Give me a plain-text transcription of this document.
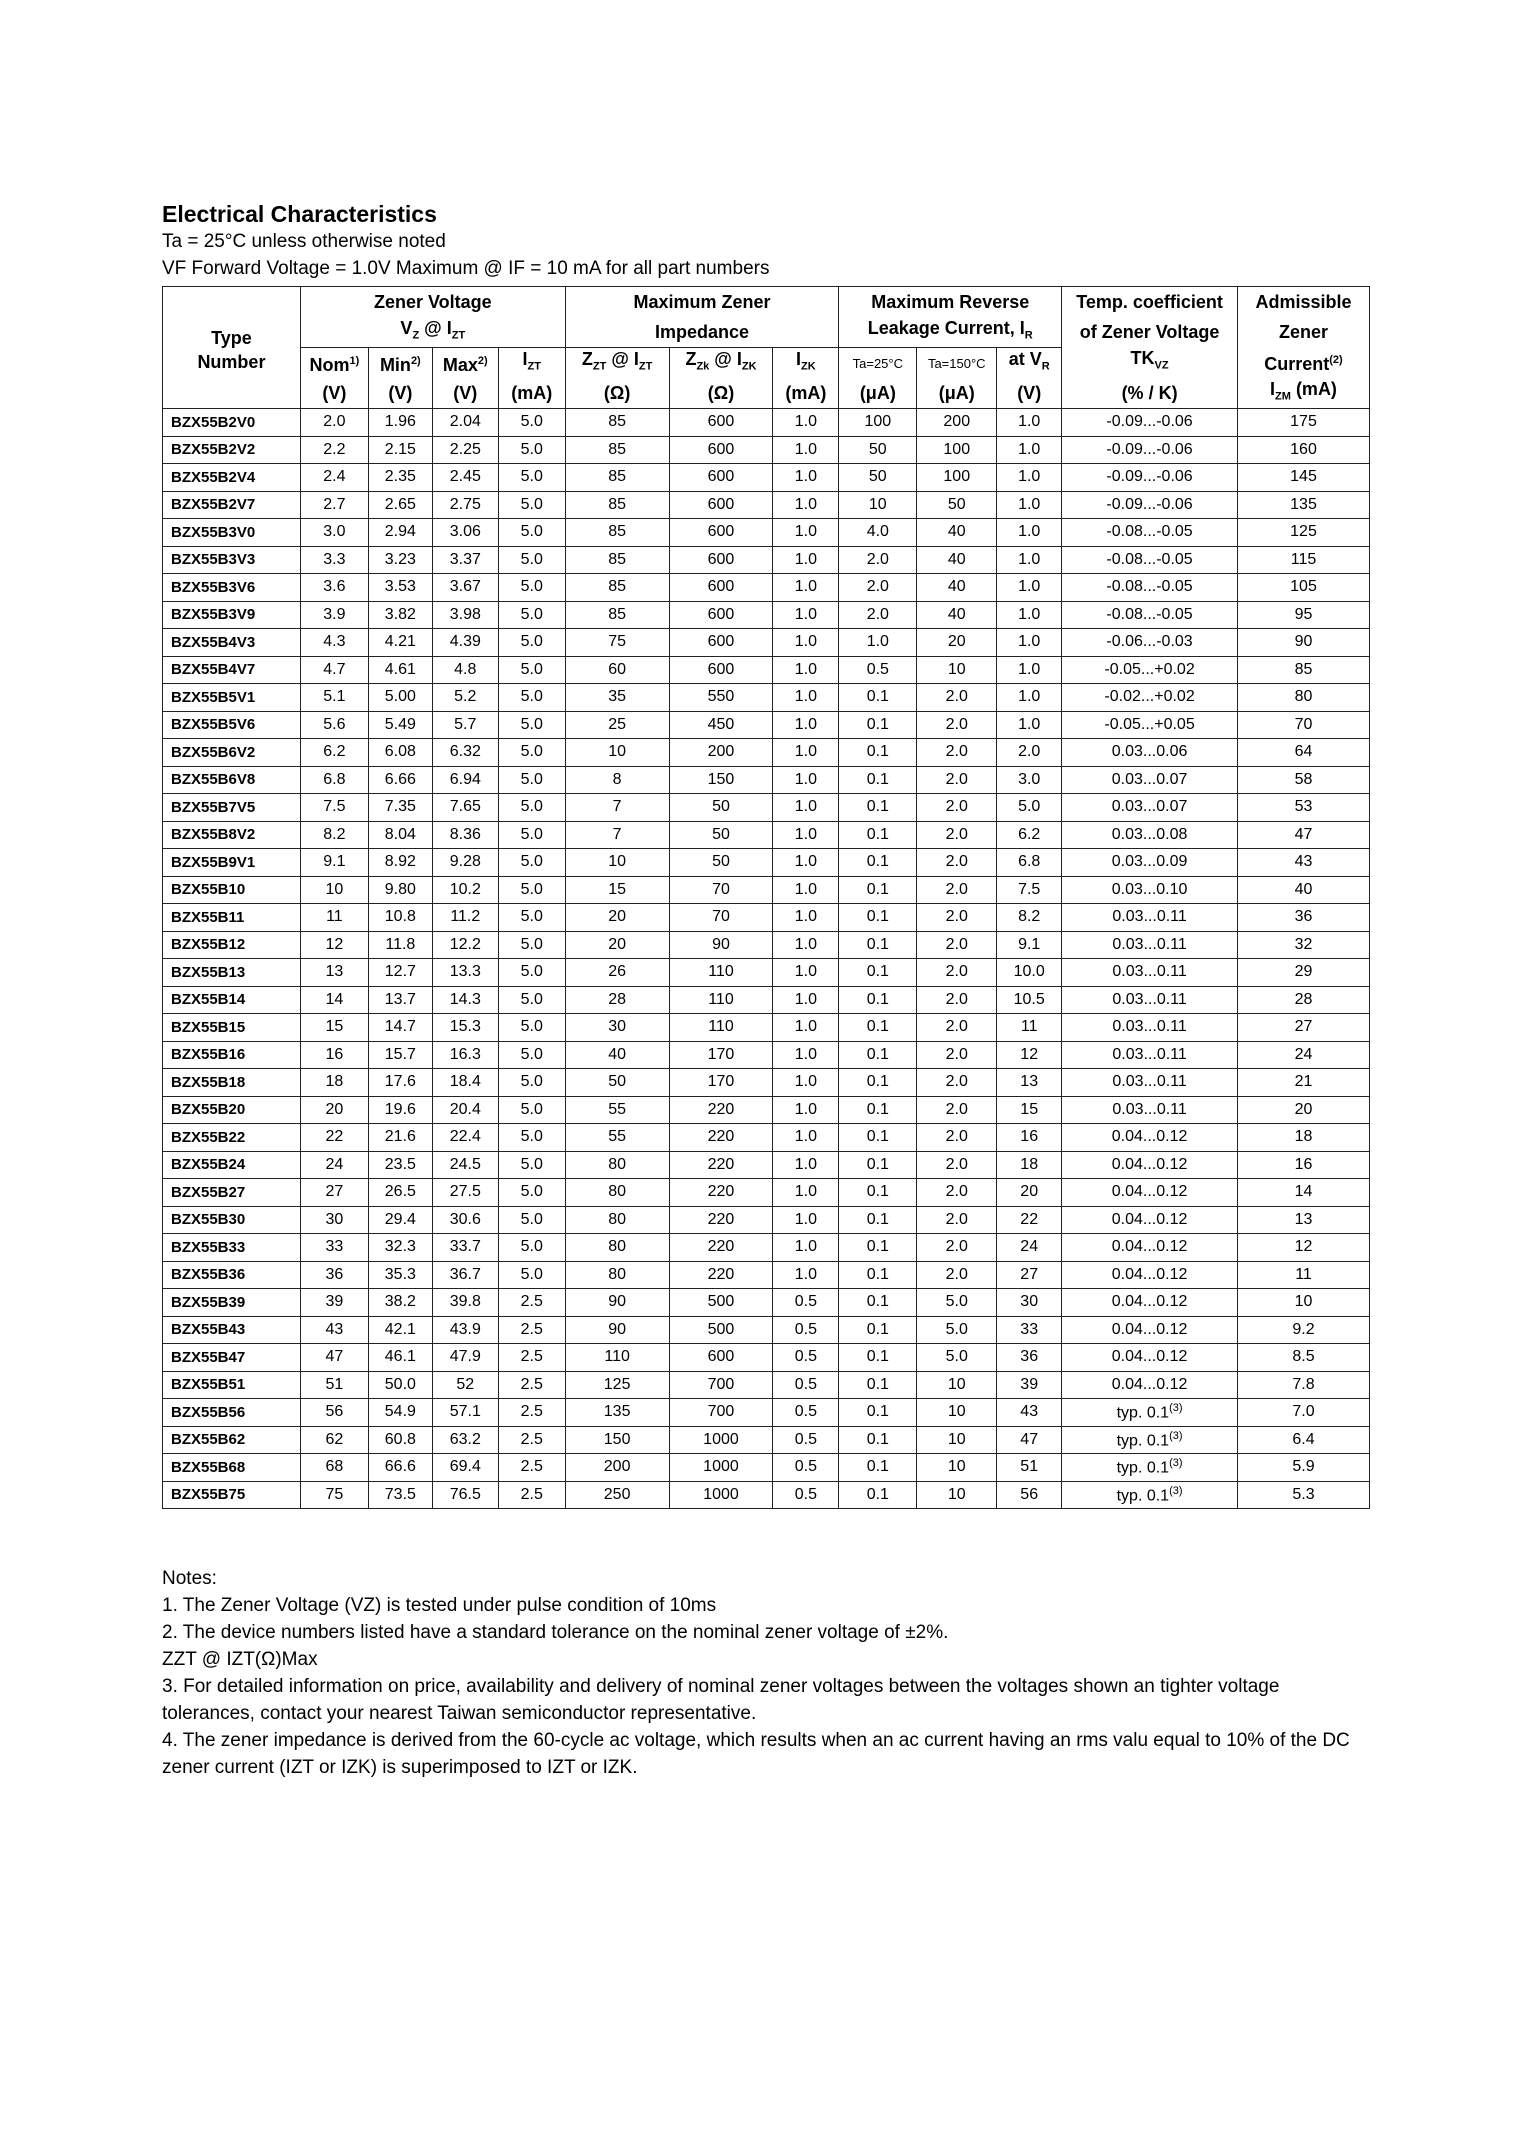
Electrical Characteristics
Ta = 25°C unless otherwise noted
VF Forward Voltage = 1.0V Maximum @ IF = 10 mA for all part numbers
Type	Zener Voltage				Maximum Zener			Maximum Reverse			Temp. coefficient	Admissible
	$V_Z$ @ $I_{ZT}$				Impedance			Leakage Current, $I_R$			of Zener Voltage	Zener
Number	Nom$^{1)}$	Min$^{2)}$	Max$^{2)}$	$I_{ZT}$	$Z_{ZT}$ @ $I_{ZT}$	$Z_{Zk}$ @ $I_{ZK}$	$I_{ZK}$	Ta=25°C	Ta=150°C	at $V_R$	$TK_{VZ}$	Current$^{(2)}$
	(V)	(V)	(V)	(mA)	(Ω)	(Ω)	(mA)	(μA)	(μA)	(V)	(% / K)	$I_{ZM}$ (mA)
BZX55B2V0	2.0	1.96	2.04	5.0	85	600	1.0	100	200	1.0	-0.09...-0.06	175
BZX55B2V2	2.2	2.15	2.25	5.0	85	600	1.0	50	100	1.0	-0.09...-0.06	160
BZX55B2V4	2.4	2.35	2.45	5.0	85	600	1.0	50	100	1.0	-0.09...-0.06	145
BZX55B2V7	2.7	2.65	2.75	5.0	85	600	1.0	10	50	1.0	-0.09...-0.06	135
BZX55B3V0	3.0	2.94	3.06	5.0	85	600	1.0	4.0	40	1.0	-0.08...-0.05	125
BZX55B3V3	3.3	3.23	3.37	5.0	85	600	1.0	2.0	40	1.0	-0.08...-0.05	115
BZX55B3V6	3.6	3.53	3.67	5.0	85	600	1.0	2.0	40	1.0	-0.08...-0.05	105
BZX55B3V9	3.9	3.82	3.98	5.0	85	600	1.0	2.0	40	1.0	-0.08...-0.05	95
BZX55B4V3	4.3	4.21	4.39	5.0	75	600	1.0	1.0	20	1.0	-0.06...-0.03	90
BZX55B4V7	4.7	4.61	4.8	5.0	60	600	1.0	0.5	10	1.0	-0.05...+0.02	85
BZX55B5V1	5.1	5.00	5.2	5.0	35	550	1.0	0.1	2.0	1.0	-0.02...+0.02	80
BZX55B5V6	5.6	5.49	5.7	5.0	25	450	1.0	0.1	2.0	1.0	-0.05...+0.05	70
BZX55B6V2	6.2	6.08	6.32	5.0	10	200	1.0	0.1	2.0	2.0	0.03...0.06	64
BZX55B6V8	6.8	6.66	6.94	5.0	8	150	1.0	0.1	2.0	3.0	0.03...0.07	58
BZX55B7V5	7.5	7.35	7.65	5.0	7	50	1.0	0.1	2.0	5.0	0.03...0.07	53
BZX55B8V2	8.2	8.04	8.36	5.0	7	50	1.0	0.1	2.0	6.2	0.03...0.08	47
BZX55B9V1	9.1	8.92	9.28	5.0	10	50	1.0	0.1	2.0	6.8	0.03...0.09	43
BZX55B10	10	9.80	10.2	5.0	15	70	1.0	0.1	2.0	7.5	0.03...0.10	40
BZX55B11	11	10.8	11.2	5.0	20	70	1.0	0.1	2.0	8.2	0.03...0.11	36
BZX55B12	12	11.8	12.2	5.0	20	90	1.0	0.1	2.0	9.1	0.03...0.11	32
BZX55B13	13	12.7	13.3	5.0	26	110	1.0	0.1	2.0	10.0	0.03...0.11	29
BZX55B14	14	13.7	14.3	5.0	28	110	1.0	0.1	2.0	10.5	0.03...0.11	28
BZX55B15	15	14.7	15.3	5.0	30	110	1.0	0.1	2.0	11	0.03...0.11	27
BZX55B16	16	15.7	16.3	5.0	40	170	1.0	0.1	2.0	12	0.03...0.11	24
BZX55B18	18	17.6	18.4	5.0	50	170	1.0	0.1	2.0	13	0.03...0.11	21
BZX55B20	20	19.6	20.4	5.0	55	220	1.0	0.1	2.0	15	0.03...0.11	20
BZX55B22	22	21.6	22.4	5.0	55	220	1.0	0.1	2.0	16	0.04...0.12	18
BZX55B24	24	23.5	24.5	5.0	80	220	1.0	0.1	2.0	18	0.04...0.12	16
BZX55B27	27	26.5	27.5	5.0	80	220	1.0	0.1	2.0	20	0.04...0.12	14
BZX55B30	30	29.4	30.6	5.0	80	220	1.0	0.1	2.0	22	0.04...0.12	13
BZX55B33	33	32.3	33.7	5.0	80	220	1.0	0.1	2.0	24	0.04...0.12	12
BZX55B36	36	35.3	36.7	5.0	80	220	1.0	0.1	2.0	27	0.04...0.12	11
BZX55B39	39	38.2	39.8	2.5	90	500	0.5	0.1	5.0	30	0.04...0.12	10
BZX55B43	43	42.1	43.9	2.5	90	500	0.5	0.1	5.0	33	0.04...0.12	9.2
BZX55B47	47	46.1	47.9	2.5	110	600	0.5	0.1	5.0	36	0.04...0.12	8.5
BZX55B51	51	50.0	52	2.5	125	700	0.5	0.1	10	39	0.04...0.12	7.8
BZX55B56	56	54.9	57.1	2.5	135	700	0.5	0.1	10	43	typ. 0.1$^{(3)}$	7.0
BZX55B62	62	60.8	63.2	2.5	150	1000	0.5	0.1	10	47	typ. 0.1$^{(3)}$	6.4
BZX55B68	68	66.6	69.4	2.5	200	1000	0.5	0.1	10	51	typ. 0.1$^{(3)}$	5.9
BZX55B75	75	73.5	76.5	2.5	250	1000	0.5	0.1	10	56	typ. 0.1$^{(3)}$	5.3
Notes:
1. The Zener Voltage (VZ) is tested under pulse condition of 10ms
2. The device numbers listed have a standard tolerance on the nominal zener voltage of ±2%.
ZZT @ IZT(Ω)Max
3. For detailed information on price, availability and delivery of nominal zener voltages between the voltages shown an tighter voltage tolerances, contact your nearest Taiwan semiconductor representative.
4. The zener impedance is derived from the 60-cycle ac voltage, which results when an ac current having an rms valu equal to 10% of the DC zener current (IZT or IZK) is superimposed to IZT or IZK.
